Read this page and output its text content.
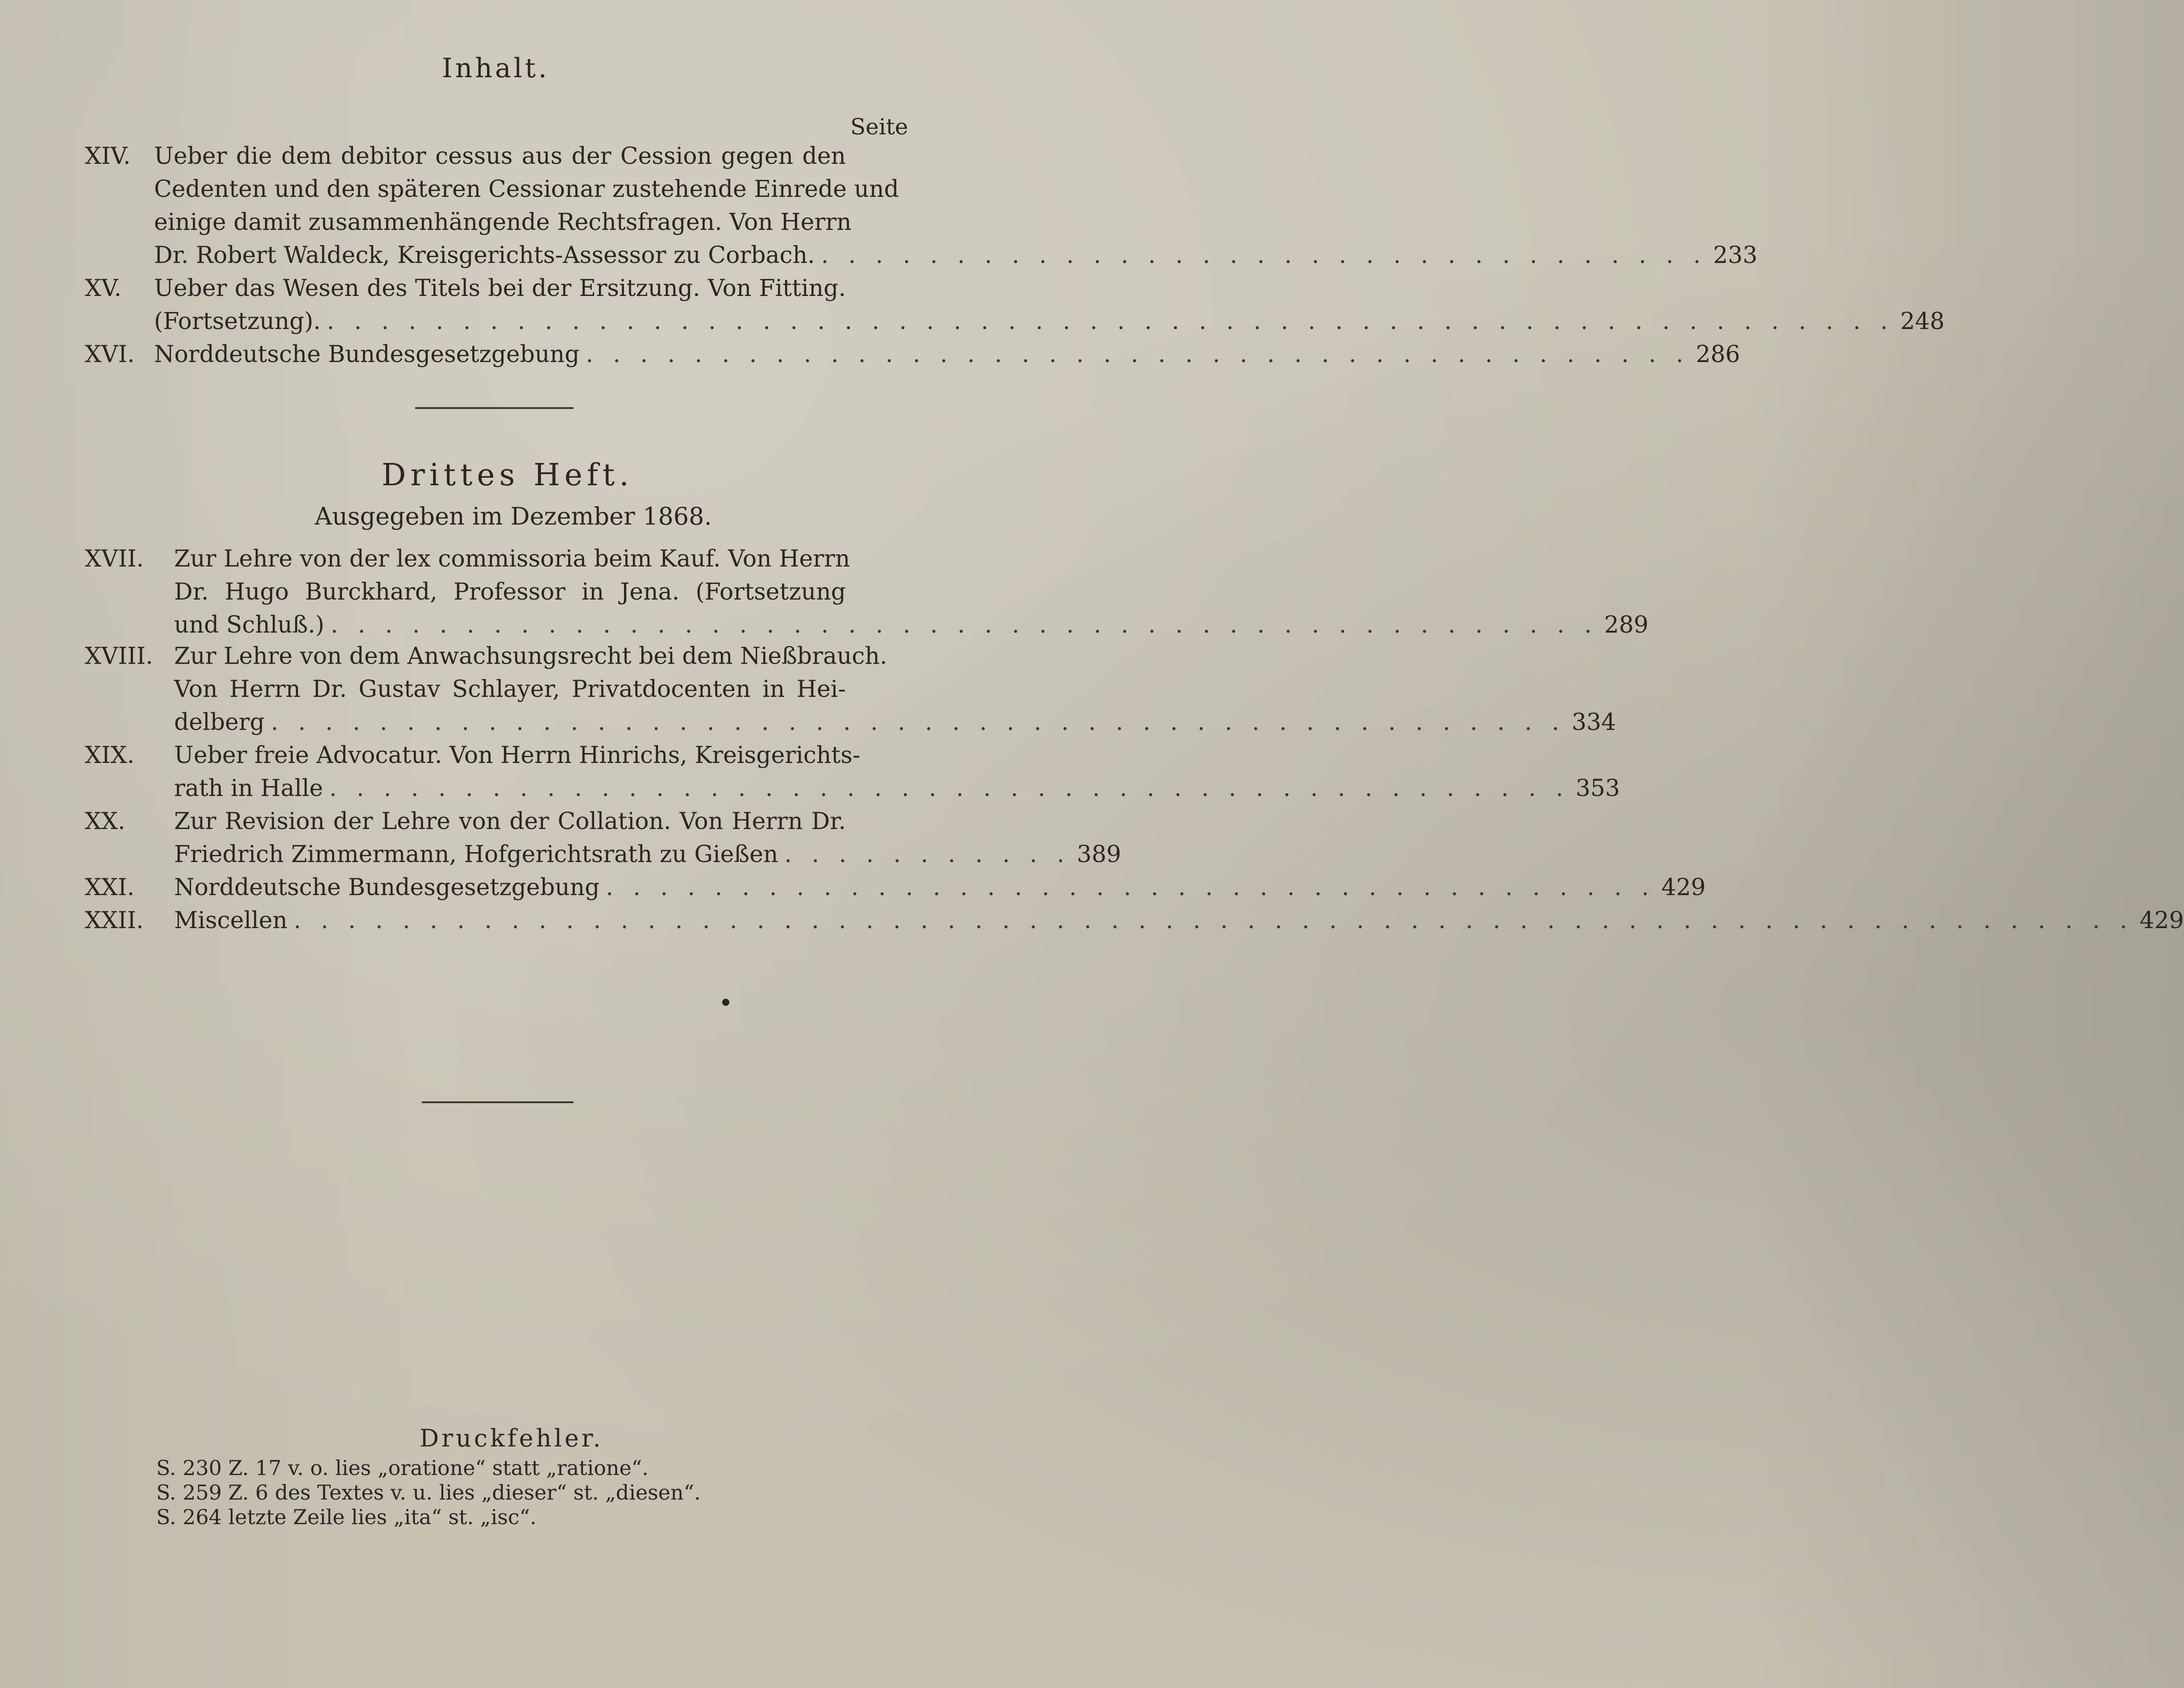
Inhalt.
Seite
XIV. Ueber die dem debitor cessus aus der Cession gegen den
Cedenten und den späteren Cessionar zustehende Einrede und
einige damit zusammenhängende Rechtsfragen. Von Herrn
Dr. Robert Waldeck, Kreisgerichts-Assessor zu Corbach. . . . . . . . . . . . . . . . . . . . . . . . . . . . . . . . . . 233
XV. Ueber das Wesen des Titels bei der Ersitzung. Von Fitting.
(Fortsetzung). . . . . . . . . . . . . . . . . . . . . . . . . . . . . . . . . . . . . . . . . . . . . . . . . . . . . . . . . . . 248
XVI. Norddeutsche Bundesgesetzgebung . . . . . . . . . . . . . . . . . . . . . . . . . . . . . . . . . . . . . . . . . 286
Drittes Heft.
Ausgegeben im Dezember 1868.
XVII. Zur Lehre von der lex commissoria beim Kauf. Von Herrn
Dr. Hugo Burckhard, Professor in Jena. (Fortsetzung
und Schluß.) . . . . . . . . . . . . . . . . . . . . . . . . . . . . . . . . . . . . . . . . . . . . . . . 289
XVIII. Zur Lehre von dem Anwachsungsrecht bei dem Nießbrauch.
Von Herrn Dr. Gustav Schlayer, Privatdocenten in Hei-
delberg . . . . . . . . . . . . . . . . . . . . . . . . . . . . . . . . . . . . . . . . . . . . . . . . 334
XIX. Ueber freie Advocatur. Von Herrn Hinrichs, Kreisgerichts-
rath in Halle . . . . . . . . . . . . . . . . . . . . . . . . . . . . . . . . . . . . . . . . . . . . . . 353
XX. Zur Revision der Lehre von der Collation. Von Herrn Dr.
Friedrich Zimmermann, Hofgerichtsrath zu Gießen . . . . . . . . . . . 389
XXI. Norddeutsche Bundesgesetzgebung . . . . . . . . . . . . . . . . . . . . . . . . . . . . . . . . . . . . . . . 429
XXII. Miscellen . . . . . . . . . . . . . . . . . . . . . . . . . . . . . . . . . . . . . . . . . . . . . . . . . . . . . . . . . . . . . . . . . . . . 429
Druckfehler.
S. 230 Z. 17 v. o. lies „oratione“ statt „ratione“.
S. 259 Z. 6 des Textes v. u. lies „dieser“ st. „diesen“.
S. 264 letzte Zeile lies „ita“ st. „isc“.
